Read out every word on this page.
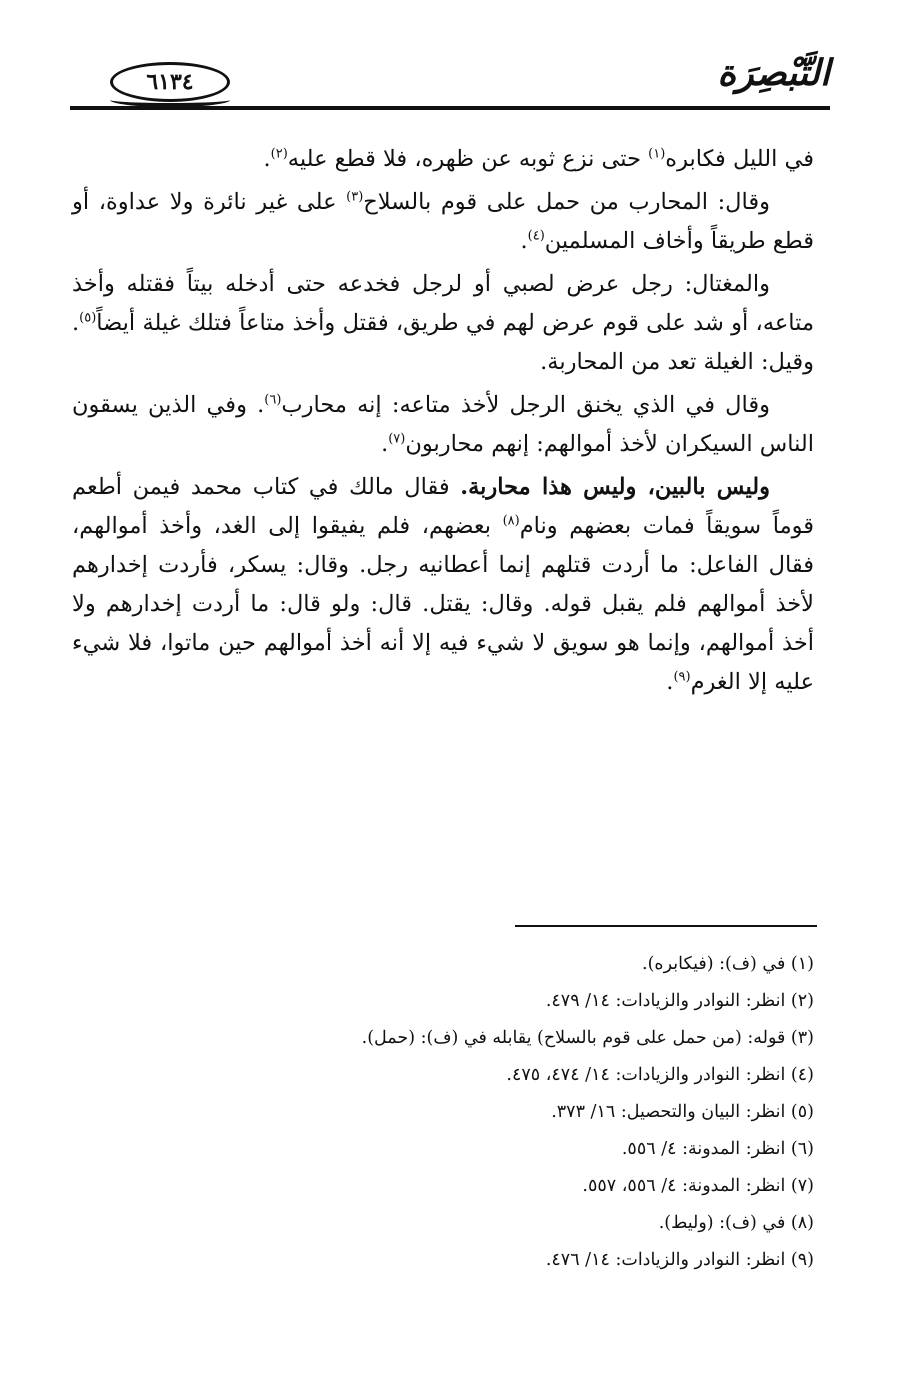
٦١٣٤	التَّبْصِرَة

في الليل فكابره$^{(١)}$ حتى نزع ثوبه عن ظهره، فلا قطع عليه$^{(٢)}$.

وقال: المحارب من حمل على قوم بالسلاح$^{(٣)}$ على غير نائرة ولا عداوة، أو قطع طريقاً وأخاف المسلمين$^{(٤)}$.

والمغتال: رجل عرض لصبي أو لرجل فخدعه حتى أدخله بيتاً فقتله وأخذ متاعه، أو شد على قوم عرض لهم في طريق، فقتل وأخذ متاعاً فتلك غيلة أيضاً$^{(٥)}$. وقيل: الغيلة تعد من المحاربة.

وقال في الذي يخنق الرجل لأخذ متاعه: إنه محارب$^{(٦)}$. وفي الذين يسقون الناس السيكران لأخذ أموالهم: إنهم محاربون$^{(٧)}$.

وليس بالبين، وليس هذا محاربة. فقال مالك في كتاب محمد فيمن أطعم قوماً سويقاً فمات بعضهم ونام$^{(٨)}$ بعضهم، فلم يفيقوا إلى الغد، وأخذ أموالهم، فقال الفاعل: ما أردت قتلهم إنما أعطانيه رجل. وقال: يسكر، فأردت إخدارهم لأخذ أموالهم فلم يقبل قوله. وقال: يقتل. قال: ولو قال: ما أردت إخدارهم ولا أخذ أموالهم، وإنما هو سويق لا شيء فيه إلا أنه أخذ أموالهم حين ماتوا، فلا شيء عليه إلا الغرم$^{(٩)}$.

(١) في (ف): (فيكابره).

(٢) انظر: النوادر والزيادات: ١٤/ ٤٧٩.

(٣) قوله: (من حمل على قوم بالسلاح) يقابله في (ف): (حمل).

(٤) انظر: النوادر والزيادات: ١٤/ ٤٧٤، ٤٧٥.

(٥) انظر: البيان والتحصيل: ١٦/ ٣٧٣.

(٦) انظر: المدونة: ٤/ ٥٥٦.

(٧) انظر: المدونة: ٤/ ٥٥٦، ٥٥٧.

(٨) في (ف): (وليط).

(٩) انظر: النوادر والزيادات: ١٤/ ٤٧٦.
